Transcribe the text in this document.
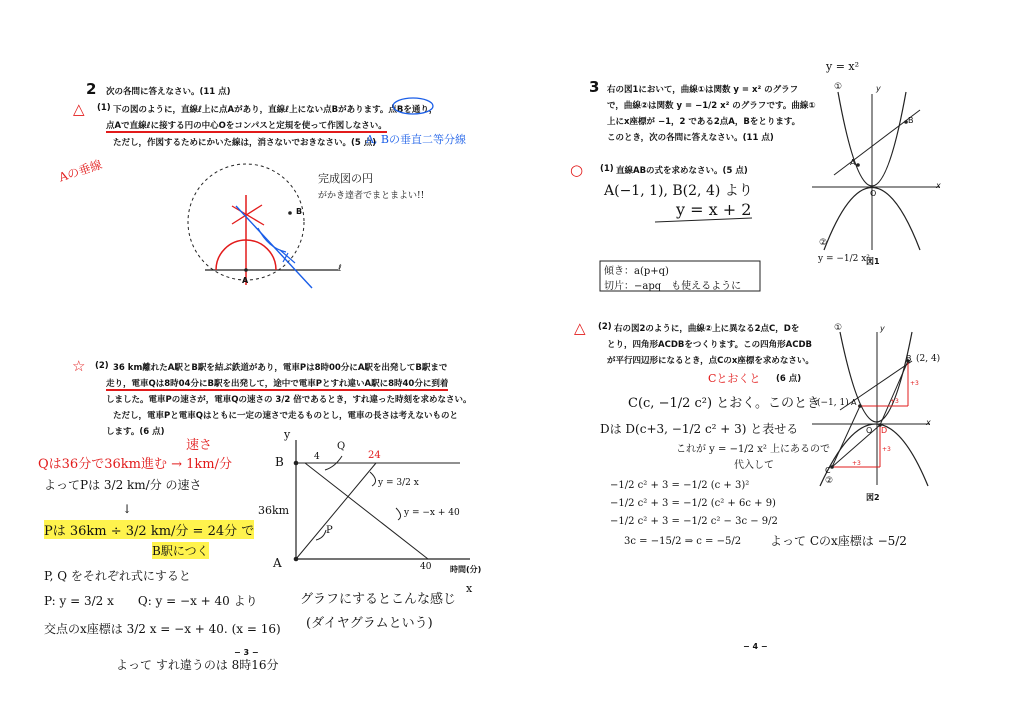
2 次の各問に答えなさい。(11 点)
△ (1) 下の図のように，直線ℓ上に点Aがあり，直線ℓ上にない点Bがあります。点Bを通り，
点Aで直線ℓに接する円の中心Oをコンパスと定規を使って作図しなさい。
ただし，作図するためにかいた線は，消さないでおきなさい。(5 点)
A, Bの垂直二等分線
Aの垂線	完成図の円
がかき達者でまとまよい!!
B
A
ℓ
☆ (2) 36 km離れたA駅とB駅を結ぶ鉄道があり，電車Pは8時00分にA駅を出発してB駅まで
走り，電車Qは8時04分にB駅を出発して，途中で電車Pとすれ違いA駅に8時40分に到着
しました。電車Pの速さが，電車Qの速さの 3/2 倍であるとき，すれ違った時刻を求めなさい。
ただし，電車Pと電車Qはともに一定の速さで走るものとし，電車の長さは考えないものと
します。(6 点)
速さ
Qは36分で36km進む → 1km/分
よってPは 3/2 km/分 の速さ
↓
Pは 36km ÷ 3/2 km/分 = 24分 で
B駅につく
P, Q をそれぞれ式にすると
P: y = 3/2 x　　Q: y = −x + 40 より
交点のx座標は 3/2 x = −x + 40. (x = 16)
よって すれ違うのは 8時16分
− 3 −
y
B
A
36km
4	24
Q
P
40
y = 3/2 x
y = −x + 40
時間(分)
x
グラフにするとこんな感じ
(ダイヤグラムという)
3 右の図1において，曲線①は関数 y = x² のグラフ
で，曲線②は関数 y = −1/2 x² のグラフです。曲線①
上にx座標が −1，2 である2点A，Bをとります。
このとき，次の各問に答えなさい。(11 点)
○ (1) 直線ABの式を求めなさい。(5 点)
A(−1, 1), B(2, 4) より
y = x + 2
傾き：a(p+q)
切片：−apq　も使えるように
△ (2) 右の図2のように，曲線②上に異なる2点C，Dを
とり，四角形ACDBをつくります。この四角形ACDB
が平行四辺形になるとき，点Cのx座標を求めなさい。
Cとおくと (6 点)
C(c, −1/2 c²) とおく。このとき
Dは D(c+3, −1/2 c² + 3) と表せる
これが y = −1/2 x² 上にあるので
代入して
−1/2 c² + 3 = −1/2 (c + 3)²
−1/2 c² + 3 = −1/2 (c² + 6c + 9)
−1/2 c² + 3 = −1/2 c² − 3c − 9/2
3c = −15/2 ⇒ c = −5/2 よって Cのx座標は −5/2
− 4 −
y = x²
①	y
B
A
O
x
②
y = −1/2 x²
図1
①	y
B (2, 4)
A
(−1, 1)
O D
x
C
②
+3
+3
+3
+3
図2
